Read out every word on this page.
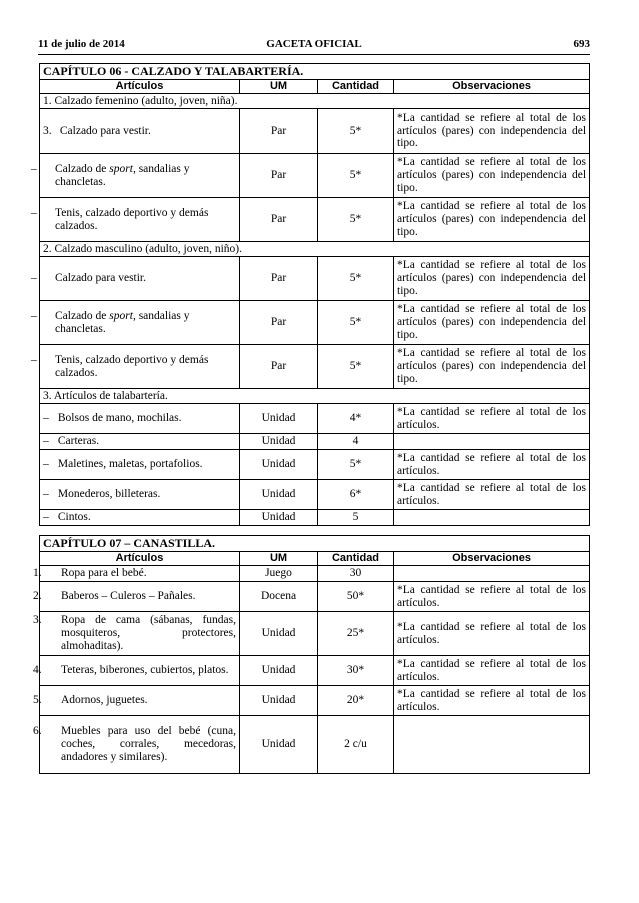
11 de julio de 2014	GACETA OFICIAL	693
CAPÍTULO 06 - CALZADO Y TALABARTERÍA.			
Artículos	UM	Cantidad	Observaciones
1. Calzado femenino (adulto, joven, niña).			
3. Calzado para vestir.	Par	5*	*La cantidad se refiere al total de los artículos (pares) con independencia del tipo.
– Calzado de sport, sandalias y chancletas.	Par	5*	*La cantidad se refiere al total de los artículos (pares) con independencia del tipo.
– Tenis, calzado deportivo y demás calzados.	Par	5*	*La cantidad se refiere al total de los artículos (pares) con independencia del tipo.
2. Calzado masculino (adulto, joven, niño).			
– Calzado para vestir.	Par	5*	*La cantidad se refiere al total de los artículos (pares) con independencia del tipo.
– Calzado de sport, sandalias y chancletas.	Par	5*	*La cantidad se refiere al total de los artículos (pares) con independencia del tipo.
– Tenis, calzado deportivo y demás calzados.	Par	5*	*La cantidad se refiere al total de los artículos (pares) con independencia del tipo.
3. Artículos de talabartería.			
– Bolsos de mano, mochilas.	Unidad	4*	*La cantidad se refiere al total de los artículos.
– Carteras.	Unidad	4	
– Maletines, maletas, portafolios.	Unidad	5*	*La cantidad se refiere al total de los artículos.
– Monederos, billeteras.	Unidad	6*	*La cantidad se refiere al total de los artículos.
– Cintos.	Unidad	5	
CAPÍTULO 07 – CANASTILLA.			
Artículos	UM	Cantidad	Observaciones
1. Ropa para el bebé.	Juego	30	
2. Baberos – Culeros – Pañales.	Docena	50*	*La cantidad se refiere al total de los artículos.
3. Ropa de cama (sábanas, fundas, mosquiteros, protectores, almohaditas).	Unidad	25*	*La cantidad se refiere al total de los artículos.
4. Teteras, biberones, cubiertos, platos.	Unidad	30*	*La cantidad se refiere al total de los artículos.
5. Adornos, juguetes.	Unidad	20*	*La cantidad se refiere al total de los artículos.
6. Muebles para uso del bebé (cuna, coches, corrales, mecedoras, andadores y similares).	Unidad	2 c/u	
